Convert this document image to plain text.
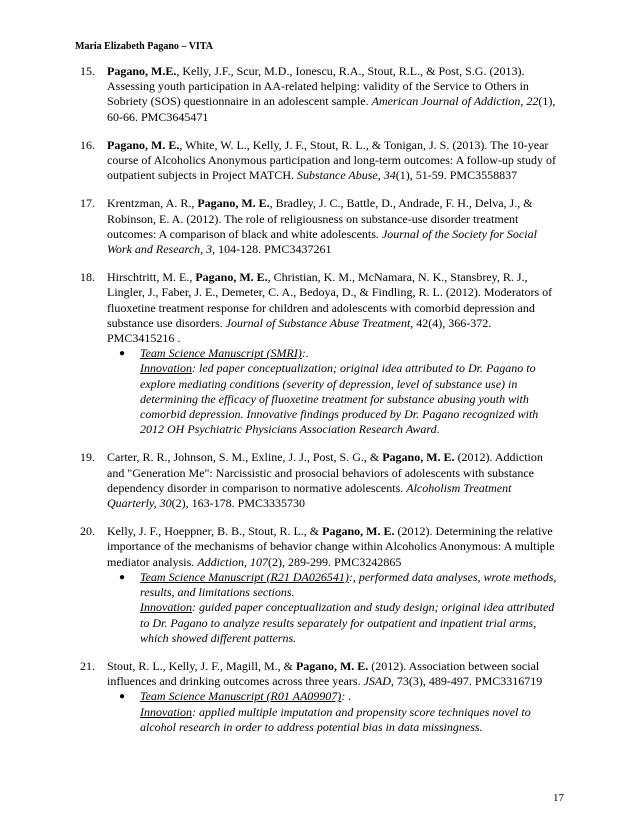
Maria Elizabeth Pagano – VITA
15. Pagano, M.E., Kelly, J.F., Scur, M.D., Ionescu, R.A., Stout, R.L., & Post, S.G. (2013). Assessing youth participation in AA-related helping: validity of the Service to Others in Sobriety (SOS) questionnaire in an adolescent sample. American Journal of Addiction, 22(1), 60-66. PMC3645471
16. Pagano, M. E., White, W. L., Kelly, J. F., Stout, R. L., & Tonigan, J. S. (2013). The 10-year course of Alcoholics Anonymous participation and long-term outcomes: A follow-up study of outpatient subjects in Project MATCH. Substance Abuse, 34(1), 51-59. PMC3558837
17. Krentzman, A. R., Pagano, M. E., Bradley, J. C., Battle, D., Andrade, F. H., Delva, J., & Robinson, E. A. (2012). The role of religiousness on substance-use disorder treatment outcomes: A comparison of black and white adolescents. Journal of the Society for Social Work and Research, 3, 104-128. PMC3437261
18. Hirschtritt, M. E., Pagano, M. E., Christian, K. M., McNamara, N. K., Stansbrey, R. J., Lingler, J., Faber, J. E., Demeter, C. A., Bedoya, D., & Findling, R. L. (2012). Moderators of fluoxetine treatment response for children and adolescents with comorbid depression and substance use disorders. Journal of Substance Abuse Treatment, 42(4), 366-372. PMC3415216 .
● Team Science Manuscript (SMRI):.
Innovation: led paper conceptualization; original idea attributed to Dr. Pagano to explore mediating conditions (severity of depression, level of substance use) in determining the efficacy of fluoxetine treatment for substance abusing youth with comorbid depression. Innovative findings produced by Dr. Pagano recognized with 2012 OH Psychiatric Physicians Association Research Award.
19. Carter, R. R., Johnson, S. M., Exline, J. J., Post, S. G., & Pagano, M. E. (2012). Addiction and "Generation Me": Narcissistic and prosocial behaviors of adolescents with substance dependency disorder in comparison to normative adolescents. Alcoholism Treatment Quarterly, 30(2), 163-178. PMC3335730
20. Kelly, J. F., Hoeppner, B. B., Stout, R. L., & Pagano, M. E. (2012). Determining the relative importance of the mechanisms of behavior change within Alcoholics Anonymous: A multiple mediator analysis. Addiction, 107(2), 289-299. PMC3242865
● Team Science Manuscript (R21 DA026541):, performed data analyses, wrote methods, results, and limitations sections.
Innovation: guided paper conceptualization and study design; original idea attributed to Dr. Pagano to analyze results separately for outpatient and inpatient trial arms, which showed different patterns.
21. Stout, R. L., Kelly, J. F., Magill, M., & Pagano, M. E. (2012). Association between social influences and drinking outcomes across three years. JSAD, 73(3), 489-497. PMC3316719
● Team Science Manuscript (R01 AA09907): .
Innovation: applied multiple imputation and propensity score techniques novel to alcohol research in order to address potential bias in data missingness.
17
